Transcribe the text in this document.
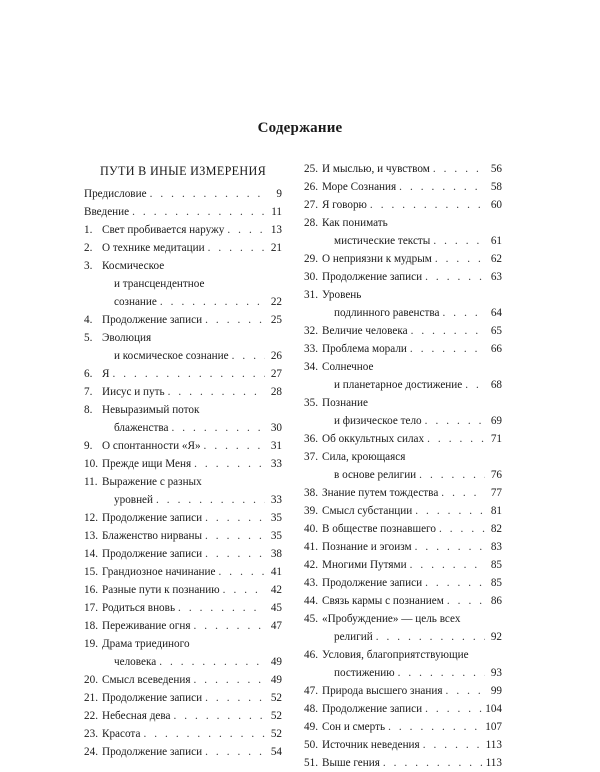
Содержание
ПУТИ В ИНЫЕ ИЗМЕРЕНИЯ
Предисловие . . .	9
Введение . . .	11
1. Свет пробивается наружу . . .	13
2. О технике медитации . . .	21
3. Космическое
и трансцендентное
сознание . . .	22
4. Продолжение записи . . .	25
5. Эволюция
и космическое сознание . . .	26
6. Я . . .	27
7. Иисус и путь . . .	28
8. Невыразимый поток
блаженства . . .	30
9. О спонтанности «Я» . . .	31
10. Прежде ищи Меня . . .	33
11. Выражение с разных
уровней . . .	33
12. Продолжение записи . . .	35
13. Блаженство нирваны . . .	35
14. Продолжение записи . . .	38
15. Грандиозное начинание . . .	41
16. Разные пути к познанию . . .	42
17. Родиться вновь . . .	45
18. Переживание огня . . .	47
19. Драма триединого
человека . . .	49
20. Смысл всеведения . . .	49
21. Продолжение записи . . .	52
22. Небесная дева . . .	52
23. Красота . . .	52
24. Продолжение записи . . .	54
25. И мыслью, и чувством . . .	56
26. Море Сознания . . .	58
27. Я говорю . . .	60
28. Как понимать
мистические тексты . . .	61
29. О неприязни к мудрым . . .	62
30. Продолжение записи . . .	63
31. Уровень
подлинного равенства . . .	64
32. Величие человека . . .	65
33. Проблема морали . . .	66
34. Солнечное
и планетарное достижение . . .	68
35. Познание
и физическое тело . . .	69
36. Об оккультных силах . . .	71
37. Сила, кроющаяся
в основе религии . . .	76
38. Знание путем тождества . . .	77
39. Смысл субстанции . . .	81
40. В обществе познавшего . . .	82
41. Познание и эгоизм . . .	83
42. Многими Путями . . .	85
43. Продолжение записи . . .	85
44. Связь кармы с познанием . . .	86
45. «Пробуждение» — цель всех
религий . . .	92
46. Условия, благоприятствующие
постижению . . .	93
47. Природа высшего знания . . .	99
48. Продолжение записи . . .	104
49. Сон и смерть . . .	107
50. Источник неведения . . .	113
51. Выше гения . . .	113
